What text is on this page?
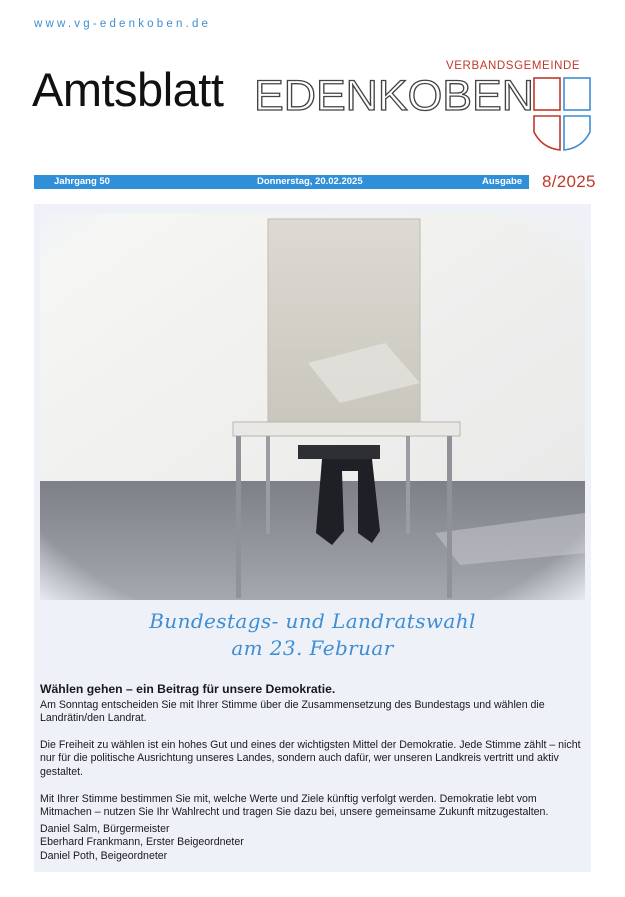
www.vg-edenkoben.de
Amtsblatt	VERBANDSGEMEINDE
EDENKOBEN
Jahrgang 50	Donnerstag, 20.02.2025	Ausgabe 8/2025
Bundestags- und Landratswahl
am 23. Februar
Wählen gehen – ein Beitrag für unsere Demokratie.

Am Sonntag entscheiden Sie mit Ihrer Stimme über die Zusammensetzung des Bundestags und wählen die Landrätin/den Landrat.

Die Freiheit zu wählen ist ein hohes Gut und eines der wichtigsten Mittel der Demokratie. Jede Stimme zählt – nicht nur für die politische Ausrichtung unseres Landes, sondern auch dafür, wer unseren Landkreis vertritt und aktiv gestaltet.

Mit Ihrer Stimme bestimmen Sie mit, welche Werte und Ziele künftig verfolgt werden. Demokratie lebt vom Mitmachen – nutzen Sie Ihr Wahlrecht und tragen Sie dazu bei, unsere gemeinsame Zukunft mitzugestalten.

Daniel Salm, Bürgermeister

Eberhard Frankmann, Erster Beigeordneter

Daniel Poth, Beigeordneter
